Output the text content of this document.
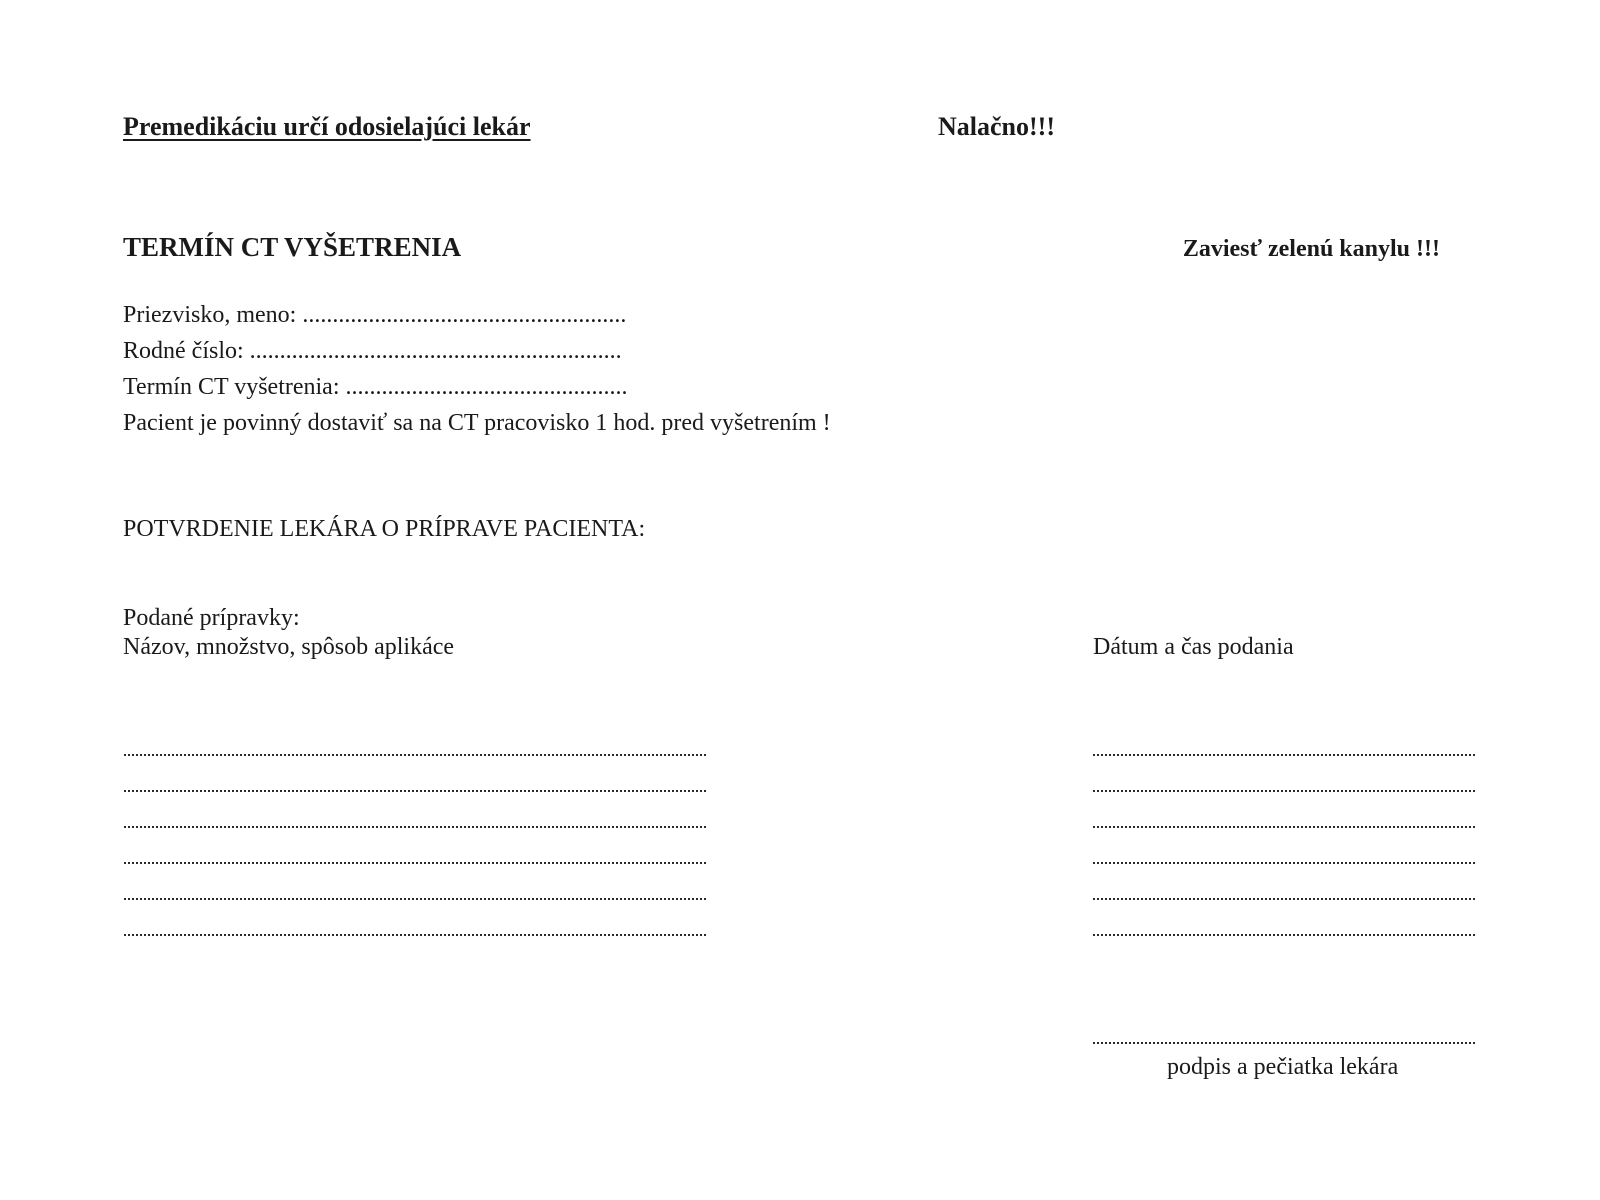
Premedikáciu určí odosielajúci lekár	Nalačno!!!
TERMÍN CT VYŠETRENIA	Zaviesť zelenú kanylu !!!
Priezvisko, meno: ......................................................
Rodné číslo: ..............................................................
Termín CT vyšetrenia: ...............................................
Pacient je povinný dostaviť sa na CT pracovisko 1 hod. pred vyšetrením !
POTVRDENIE LEKÁRA O PRÍPRAVE PACIENTA:
Podané prípravky:
Názov, množstvo, spôsob aplikáce	Dátum a čas podania
podpis a pečiatka lekára
